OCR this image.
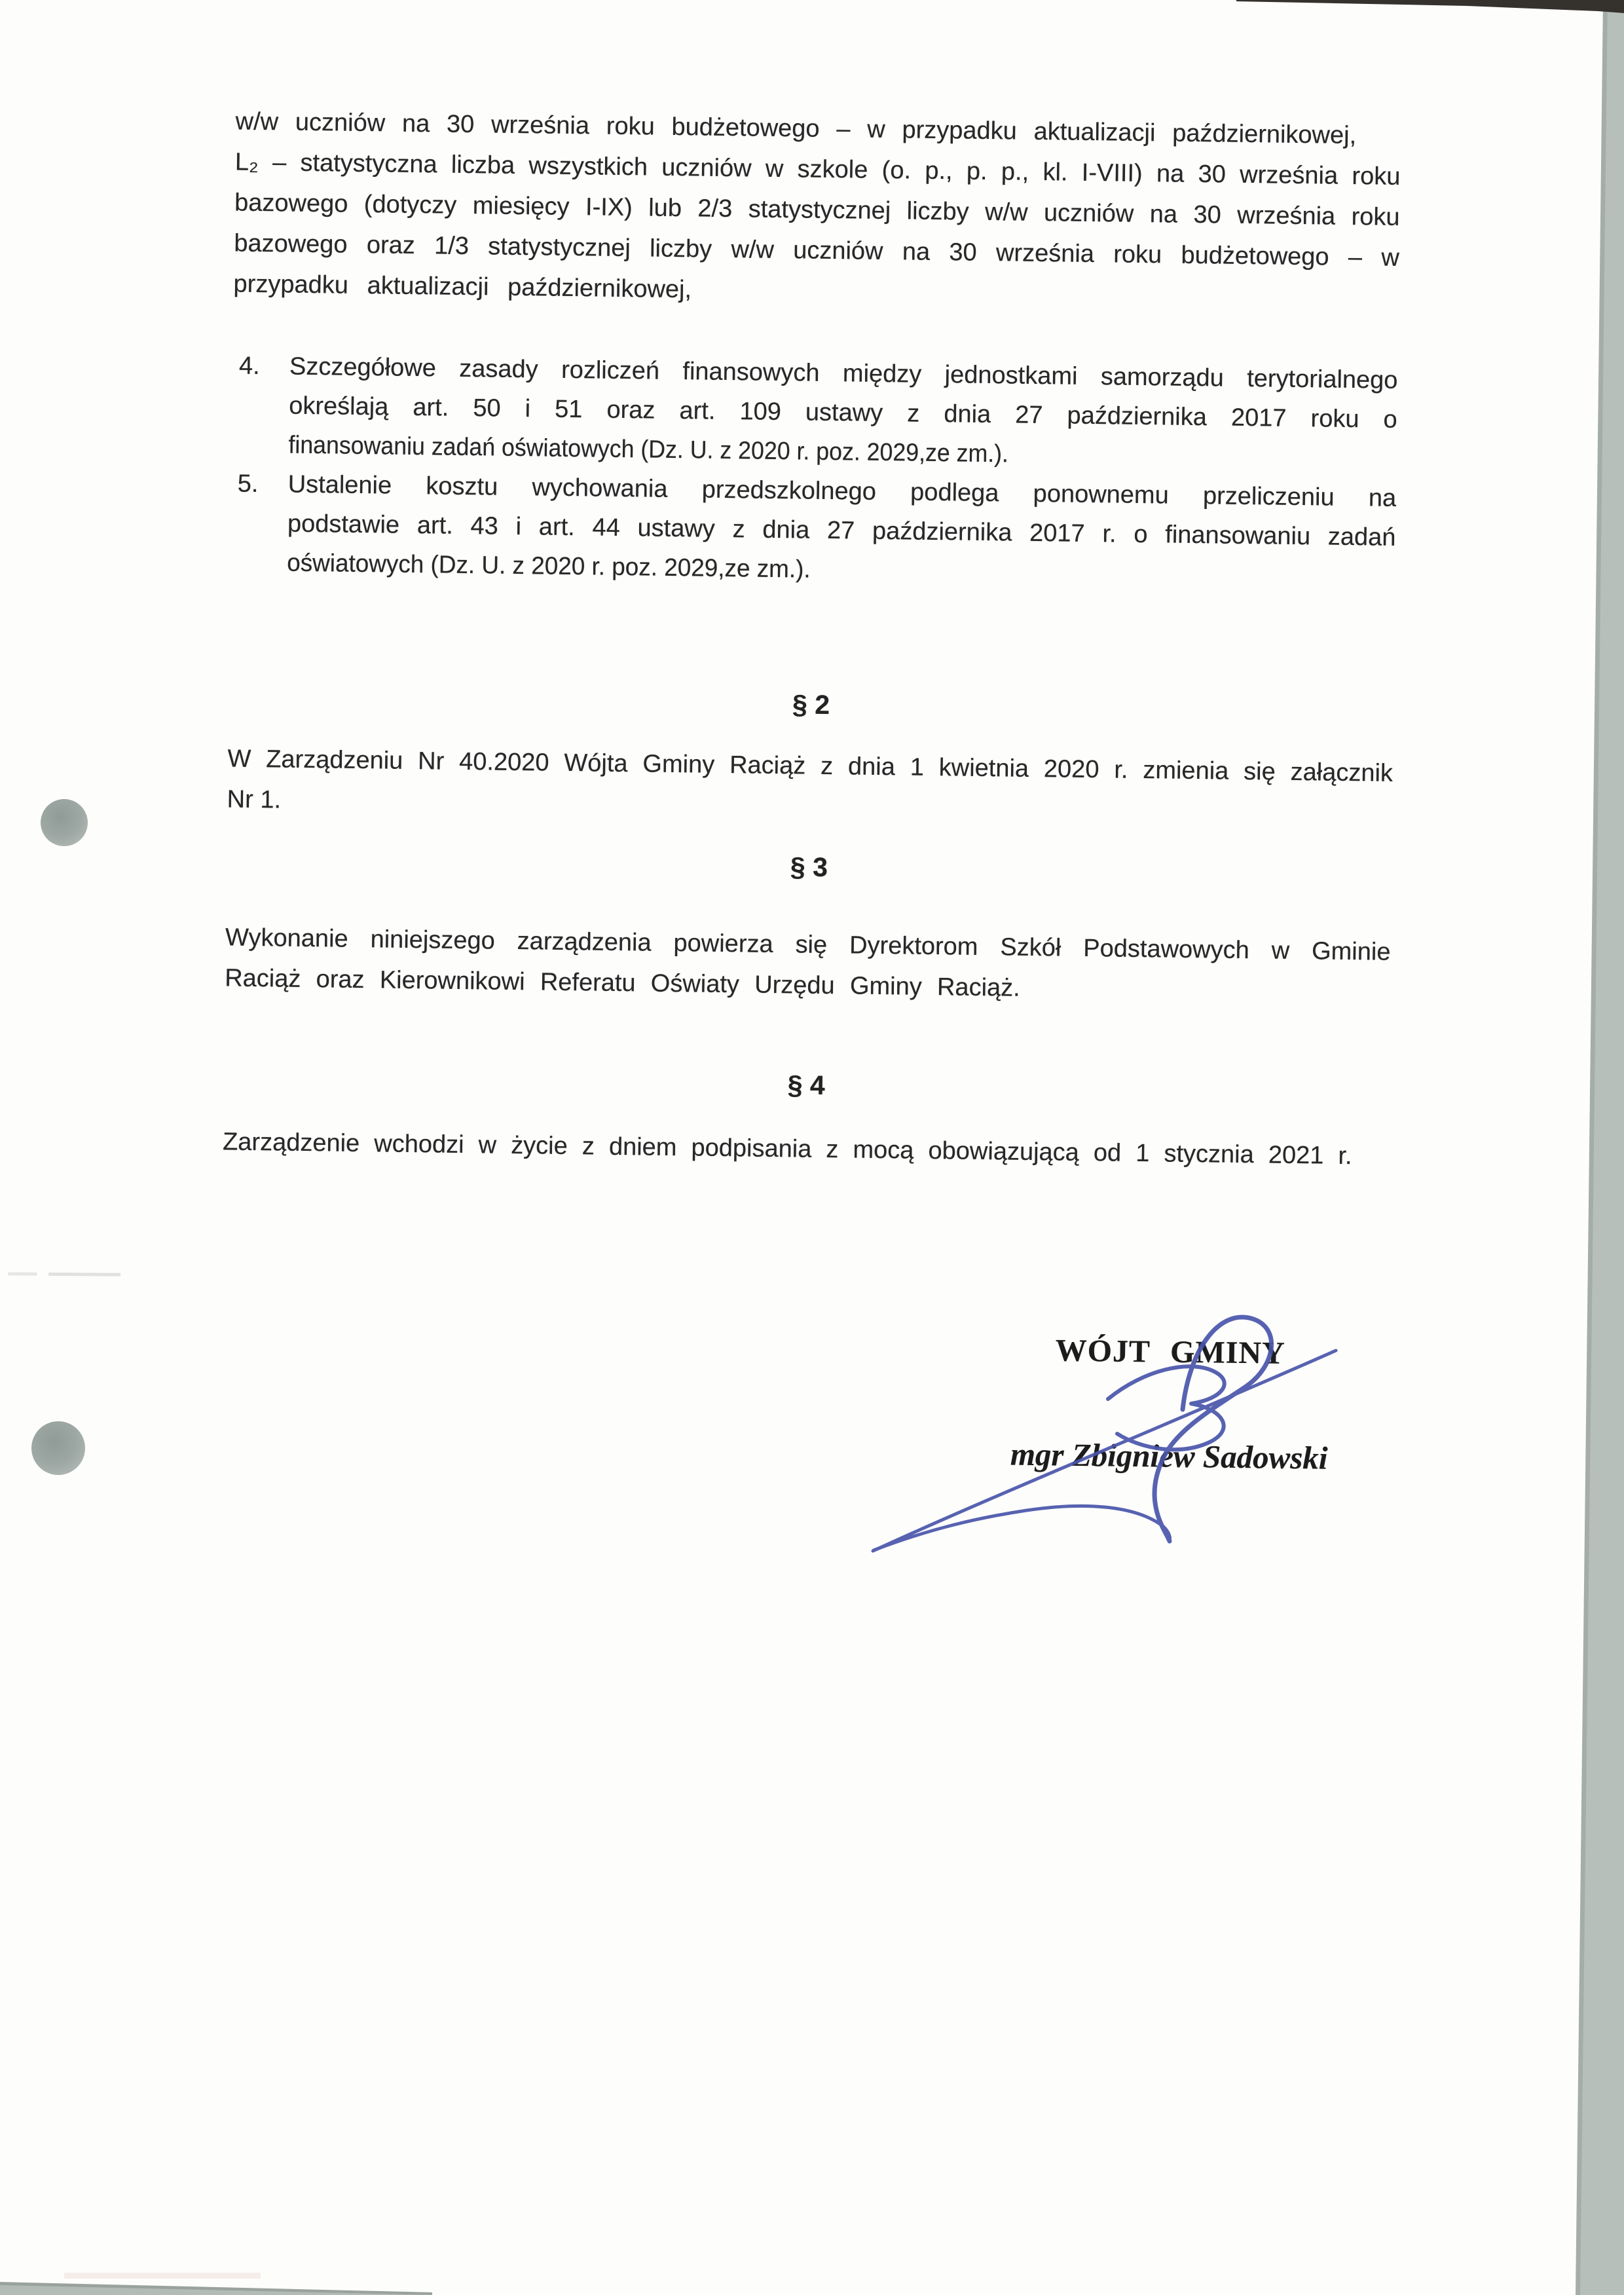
w/w uczniów na 30 września roku budżetowego – w przypadku aktualizacji październikowej,
L₂ – statystyczna liczba wszystkich uczniów w szkole (o. p., p. p., kl. I-VIII) na 30 września roku
bazowego (dotyczy miesięcy I-IX) lub 2/3 statystycznej liczby w/w uczniów na 30 września roku
bazowego oraz 1/3 statystycznej liczby w/w uczniów na 30 września roku budżetowego – w
przypadku aktualizacji październikowej,
4. Szczegółowe zasady rozliczeń finansowych między jednostkami samorządu terytorialnego
określają art. 50 i 51 oraz art. 109 ustawy z dnia 27 października 2017 roku o
finansowaniu zadań oświatowych (Dz. U. z 2020 r. poz. 2029,ze zm.).
5. Ustalenie kosztu wychowania przedszkolnego podlega ponownemu przeliczeniu na
podstawie art. 43 i art. 44 ustawy z dnia 27 października 2017 r. o finansowaniu zadań
oświatowych (Dz. U. z 2020 r. poz. 2029,ze zm.).
§ 2
W Zarządzeniu Nr 40.2020 Wójta Gminy Raciąż z dnia 1 kwietnia 2020 r. zmienia się załącznik
Nr 1.
§ 3
Wykonanie niniejszego zarządzenia powierza się Dyrektorom Szkół Podstawowych w Gminie
Raciąż oraz Kierownikowi Referatu Oświaty Urzędu Gminy Raciąż.
§ 4
Zarządzenie wchodzi w życie z dniem podpisania z mocą obowiązującą od 1 stycznia 2021 r.
WÓJT GMINY
mgr Zbigniew Sadowski
